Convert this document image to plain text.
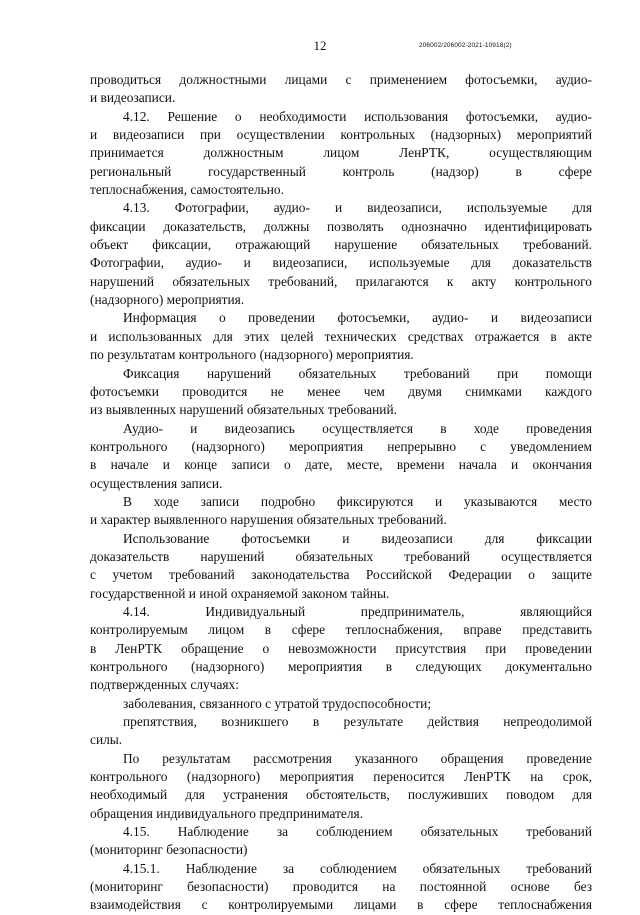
12	206002/206002-2021-10918(2)
проводиться должностными лицами с применением фотосъемки, аудио-
и видеозаписи.
4.12. Решение о необходимости использования фотосъемки, аудио-
и видеозаписи при осуществлении контрольных (надзорных) мероприятий
принимается должностным лицом ЛенРТК, осуществляющим
региональный государственный контроль (надзор) в сфере
теплоснабжения, самостоятельно.
4.13. Фотографии, аудио- и видеозаписи, используемые для
фиксации доказательств, должны позволять однозначно идентифицировать
объект фиксации, отражающий нарушение обязательных требований.
Фотографии, аудио- и видеозаписи, используемые для доказательств
нарушений обязательных требований, прилагаются к акту контрольного
(надзорного) мероприятия.
Информация о проведении фотосъемки, аудио- и видеозаписи
и использованных для этих целей технических средствах отражается в акте
по результатам контрольного (надзорного) мероприятия.
Фиксация нарушений обязательных требований при помощи
фотосъемки проводится не менее чем двумя снимками каждого
из выявленных нарушений обязательных требований.
Аудио- и видеозапись осуществляется в ходе проведения
контрольного (надзорного) мероприятия непрерывно с уведомлением
в начале и конце записи о дате, месте, времени начала и окончания
осуществления записи.
В ходе записи подробно фиксируются и указываются место
и характер выявленного нарушения обязательных требований.
Использование фотосъемки и видеозаписи для фиксации
доказательств нарушений обязательных требований осуществляется
с учетом требований законодательства Российской Федерации о защите
государственной и иной охраняемой законом тайны.
4.14. Индивидуальный предприниматель, являющийся
контролируемым лицом в сфере теплоснабжения, вправе представить
в ЛенРТК обращение о невозможности присутствия при проведении
контрольного (надзорного) мероприятия в следующих документально
подтвержденных случаях:
заболевания, связанного с утратой трудоспособности;
препятствия, возникшего в результате действия непреодолимой
силы.
По результатам рассмотрения указанного обращения проведение
контрольного (надзорного) мероприятия переносится ЛенРТК на срок,
необходимый для устранения обстоятельств, послуживших поводом для
обращения индивидуального предпринимателя.
4.15. Наблюдение за соблюдением обязательных требований
(мониторинг безопасности)
4.15.1. Наблюдение за соблюдением обязательных требований
(мониторинг безопасности) проводится на постоянной основе без
взаимодействия с контролируемыми лицами в сфере теплоснабжения
